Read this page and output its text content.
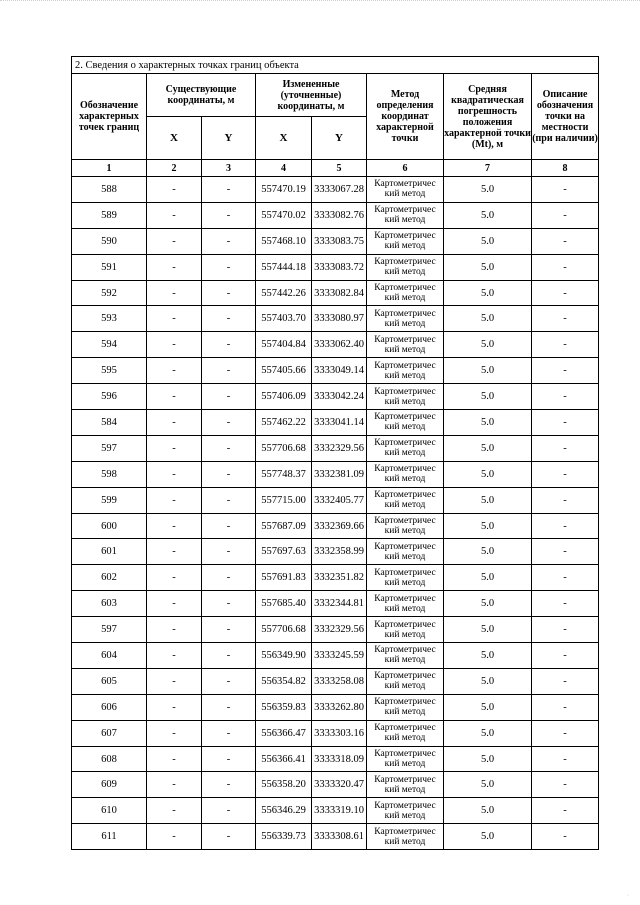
2. Сведения о характерных точках границ объекта							
Обозначение характерных точек границ	Существующие координаты, м		Измененные (уточненные) координаты, м		Метод определения координат характерной точки	Средняя квадратическая погрешность положения характерной точки (Mt), м	Описание обозначения точки на местности (при наличии)
	X	Y	X	Y			
1	2	3	4	5	6	7	8
588	-	-	557470.19	3333067.28	Картометричес кий метод	5.0	-
589	-	-	557470.02	3333082.76	Картометричес кий метод	5.0	-
590	-	-	557468.10	3333083.75	Картометричес кий метод	5.0	-
591	-	-	557444.18	3333083.72	Картометричес кий метод	5.0	-
592	-	-	557442.26	3333082.84	Картометричес кий метод	5.0	-
593	-	-	557403.70	3333080.97	Картометричес кий метод	5.0	-
594	-	-	557404.84	3333062.40	Картометричес кий метод	5.0	-
595	-	-	557405.66	3333049.14	Картометричес кий метод	5.0	-
596	-	-	557406.09	3333042.24	Картометричес кий метод	5.0	-
584	-	-	557462.22	3333041.14	Картометричес кий метод	5.0	-
597	-	-	557706.68	3332329.56	Картометричес кий метод	5.0	-
598	-	-	557748.37	3332381.09	Картометричес кий метод	5.0	-
599	-	-	557715.00	3332405.77	Картометричес кий метод	5.0	-
600	-	-	557687.09	3332369.66	Картометричес кий метод	5.0	-
601	-	-	557697.63	3332358.99	Картометричес кий метод	5.0	-
602	-	-	557691.83	3332351.82	Картометричес кий метод	5.0	-
603	-	-	557685.40	3332344.81	Картометричес кий метод	5.0	-
597	-	-	557706.68	3332329.56	Картометричес кий метод	5.0	-
604	-	-	556349.90	3333245.59	Картометричес кий метод	5.0	-
605	-	-	556354.82	3333258.08	Картометричес кий метод	5.0	-
606	-	-	556359.83	3333262.80	Картометричес кий метод	5.0	-
607	-	-	556366.47	3333303.16	Картометричес кий метод	5.0	-
608	-	-	556366.41	3333318.09	Картометричес кий метод	5.0	-
609	-	-	556358.20	3333320.47	Картометричес кий метод	5.0	-
610	-	-	556346.29	3333319.10	Картометричес кий метод	5.0	-
611	-	-	556339.73	3333308.61	Картометричес кий метод	5.0	-
·
